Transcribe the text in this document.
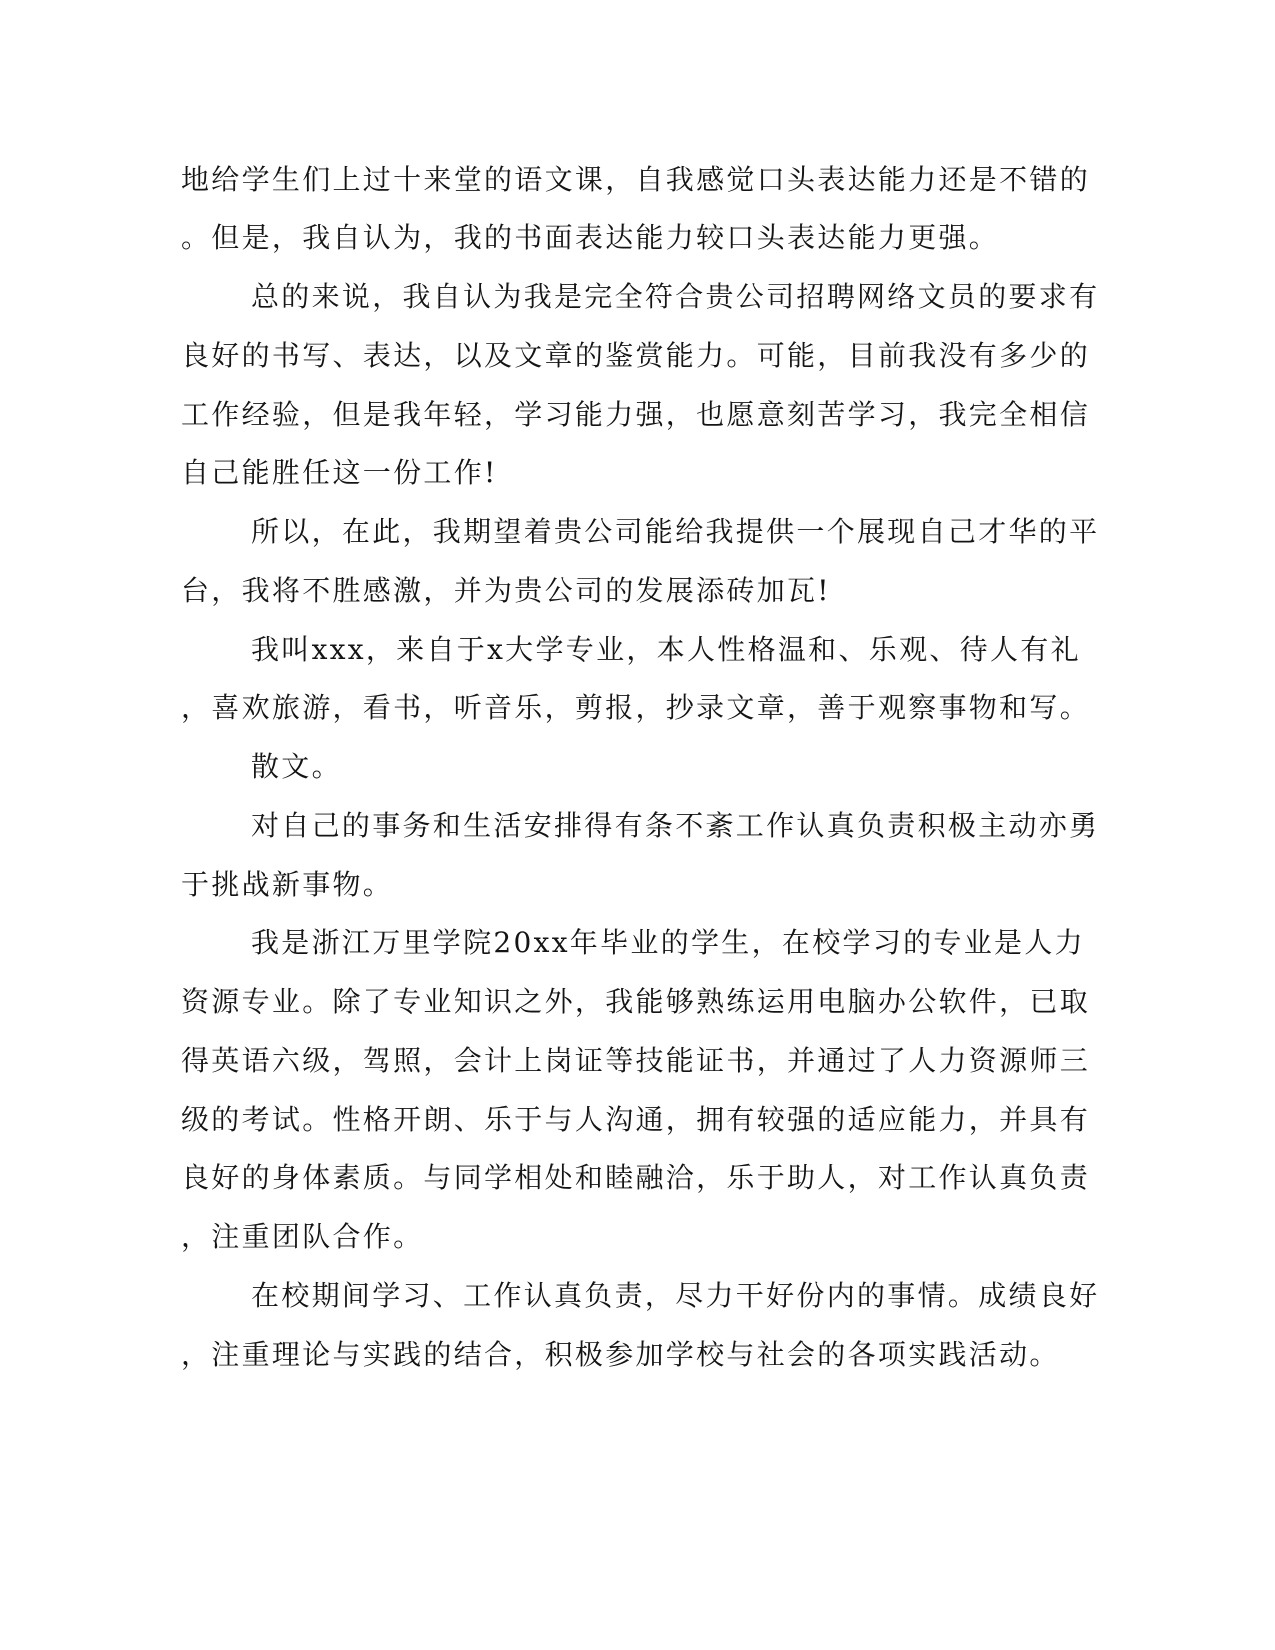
地给学生们上过十来堂的语文课，自我感觉口头表达能力还是不错的
。但是，我自认为，我的书面表达能力较口头表达能力更强。
总的来说，我自认为我是完全符合贵公司招聘网络文员的要求有
良好的书写、表达，以及文章的鉴赏能力。可能，目前我没有多少的
工作经验，但是我年轻，学习能力强，也愿意刻苦学习，我完全相信
自己能胜任这一份工作!
所以，在此，我期望着贵公司能给我提供一个展现自己才华的平
台，我将不胜感激，并为贵公司的发展添砖加瓦!
我叫xxx，来自于x大学专业，本人性格温和、乐观、待人有礼
，喜欢旅游，看书，听音乐，剪报，抄录文章，善于观察事物和写。
散文。
对自己的事务和生活安排得有条不紊工作认真负责积极主动亦勇
于挑战新事物。
我是浙江万里学院20xx年毕业的学生，在校学习的专业是人力
资源专业。除了专业知识之外，我能够熟练运用电脑办公软件，已取
得英语六级，驾照，会计上岗证等技能证书，并通过了人力资源师三
级的考试。性格开朗、乐于与人沟通，拥有较强的适应能力，并具有
良好的身体素质。与同学相处和睦融洽，乐于助人，对工作认真负责
，注重团队合作。
在校期间学习、工作认真负责，尽力干好份内的事情。成绩良好
，注重理论与实践的结合，积极参加学校与社会的各项实践活动。
